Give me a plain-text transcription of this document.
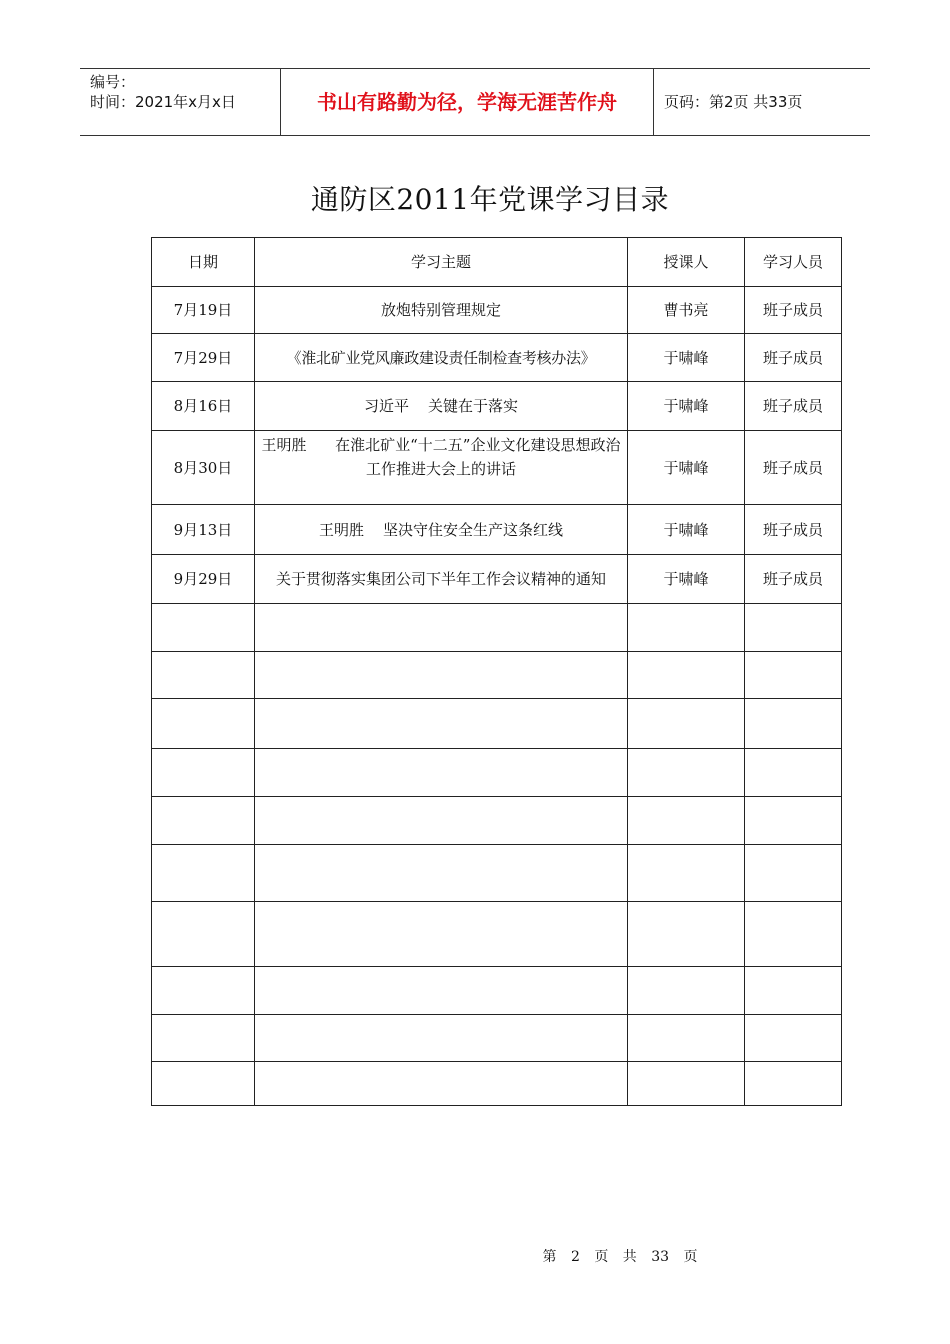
编号：
时间：2021年x月x日	书山有路勤为径，学海无涯苦作舟	页码：第2页 共33页
通防区2011年党课学习目录
日期	学习主题	授课人	学习人员
7月19日	放炮特别管理规定	曹书亮	班子成员
7月29日	《淮北矿业党风廉政建设责任制检查考核办法》	于啸峰	班子成员
8月16日	习近平    关键在于落实	于啸峰	班子成员
8月30日	王明胜      在淮北矿业“十二五”企业文化建设思想政治工作推进大会上的讲话	于啸峰	班子成员
9月13日	王明胜    坚决守住安全生产这条红线	于啸峰	班子成员
9月29日	关于贯彻落实集团公司下半年工作会议精神的通知	于啸峰	班子成员

第 2 页 共 33 页
